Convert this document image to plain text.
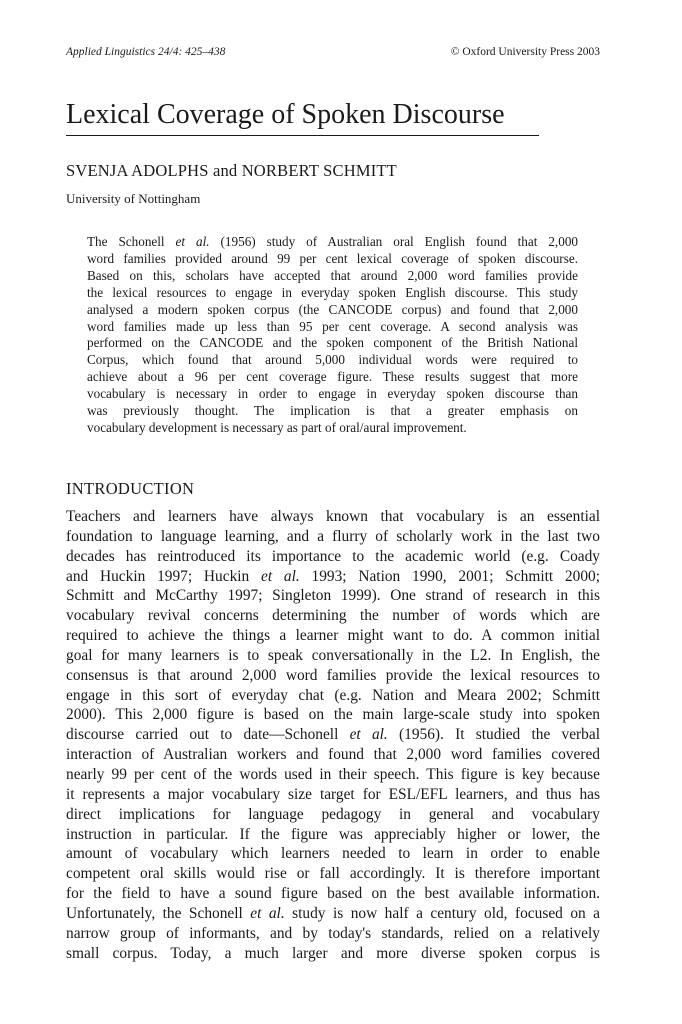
Applied Linguistics 24/4: 425–438	© Oxford University Press 2003
Lexical Coverage of Spoken Discourse
SVENJA ADOLPHS and NORBERT SCHMITT
University of Nottingham

The Schonell et al. (1956) study of Australian oral English found that 2,000
word families provided around 99 per cent lexical coverage of spoken discourse.
Based on this, scholars have accepted that around 2,000 word families provide
the lexical resources to engage in everyday spoken English discourse. This study
analysed a modern spoken corpus (the CANCODE corpus) and found that 2,000
word families made up less than 95 per cent coverage. A second analysis was
performed on the CANCODE and the spoken component of the British National
Corpus, which found that around 5,000 individual words were required to
achieve about a 96 per cent coverage figure. These results suggest that more
vocabulary is necessary in order to engage in everyday spoken discourse than
was previously thought. The implication is that a greater emphasis on
vocabulary development is necessary as part of oral/aural improvement.

INTRODUCTION

Teachers and learners have always known that vocabulary is an essential
foundation to language learning, and a flurry of scholarly work in the last two
decades has reintroduced its importance to the academic world (e.g. Coady
and Huckin 1997; Huckin et al. 1993; Nation 1990, 2001; Schmitt 2000;
Schmitt and McCarthy 1997; Singleton 1999). One strand of research in this
vocabulary revival concerns determining the number of words which are
required to achieve the things a learner might want to do. A common initial
goal for many learners is to speak conversationally in the L2. In English, the
consensus is that around 2,000 word families provide the lexical resources to
engage in this sort of everyday chat (e.g. Nation and Meara 2002; Schmitt
2000). This 2,000 figure is based on the main large-scale study into spoken
discourse carried out to date—Schonell et al. (1956). It studied the verbal
interaction of Australian workers and found that 2,000 word families covered
nearly 99 per cent of the words used in their speech. This figure is key because
it represents a major vocabulary size target for ESL/EFL learners, and thus has
direct implications for language pedagogy in general and vocabulary
instruction in particular. If the figure was appreciably higher or lower, the
amount of vocabulary which learners needed to learn in order to enable
competent oral skills would rise or fall accordingly. It is therefore important
for the field to have a sound figure based on the best available information.
Unfortunately, the Schonell et al. study is now half a century old, focused on a
narrow group of informants, and by today's standards, relied on a relatively
small corpus. Today, a much larger and more diverse spoken corpus is
